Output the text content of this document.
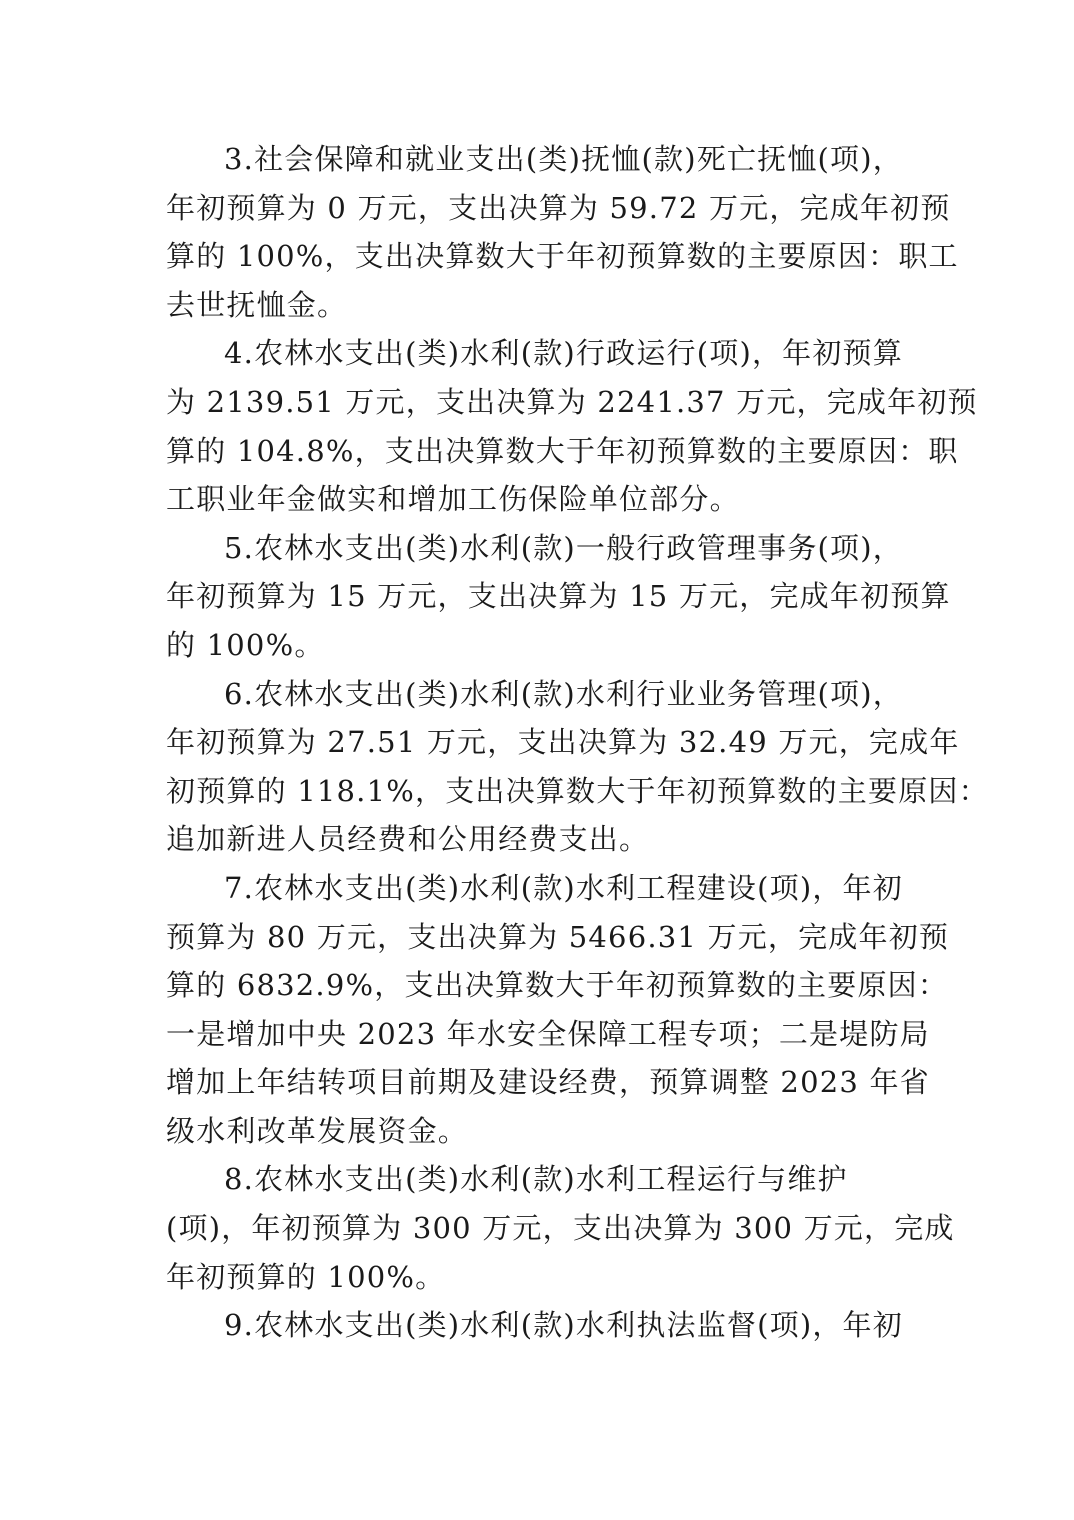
3.社会保障和就业支出(类)抚恤(款)死亡抚恤(项)，
年初预算为 0 万元，支出决算为 59.72 万元，完成年初预
算的 100%，支出决算数大于年初预算数的主要原因：职工
去世抚恤金。
4.农林水支出(类)水利(款)行政运行(项)，年初预算
为 2139.51 万元，支出决算为 2241.37 万元，完成年初预
算的 104.8%，支出决算数大于年初预算数的主要原因：职
工职业年金做实和增加工伤保险单位部分。
5.农林水支出(类)水利(款)一般行政管理事务(项)，
年初预算为 15 万元，支出决算为 15 万元，完成年初预算
的 100%。
6.农林水支出(类)水利(款)水利行业业务管理(项)，
年初预算为 27.51 万元，支出决算为 32.49 万元，完成年
初预算的 118.1%，支出决算数大于年初预算数的主要原因：
追加新进人员经费和公用经费支出。
7.农林水支出(类)水利(款)水利工程建设(项)，年初
预算为 80 万元，支出决算为 5466.31 万元，完成年初预
算的 6832.9%，支出决算数大于年初预算数的主要原因：
一是增加中央 2023 年水安全保障工程专项；二是堤防局
增加上年结转项目前期及建设经费，预算调整 2023 年省
级水利改革发展资金。
8.农林水支出(类)水利(款)水利工程运行与维护
(项)，年初预算为 300 万元，支出决算为 300 万元，完成
年初预算的 100%。
9.农林水支出(类)水利(款)水利执法监督(项)，年初
